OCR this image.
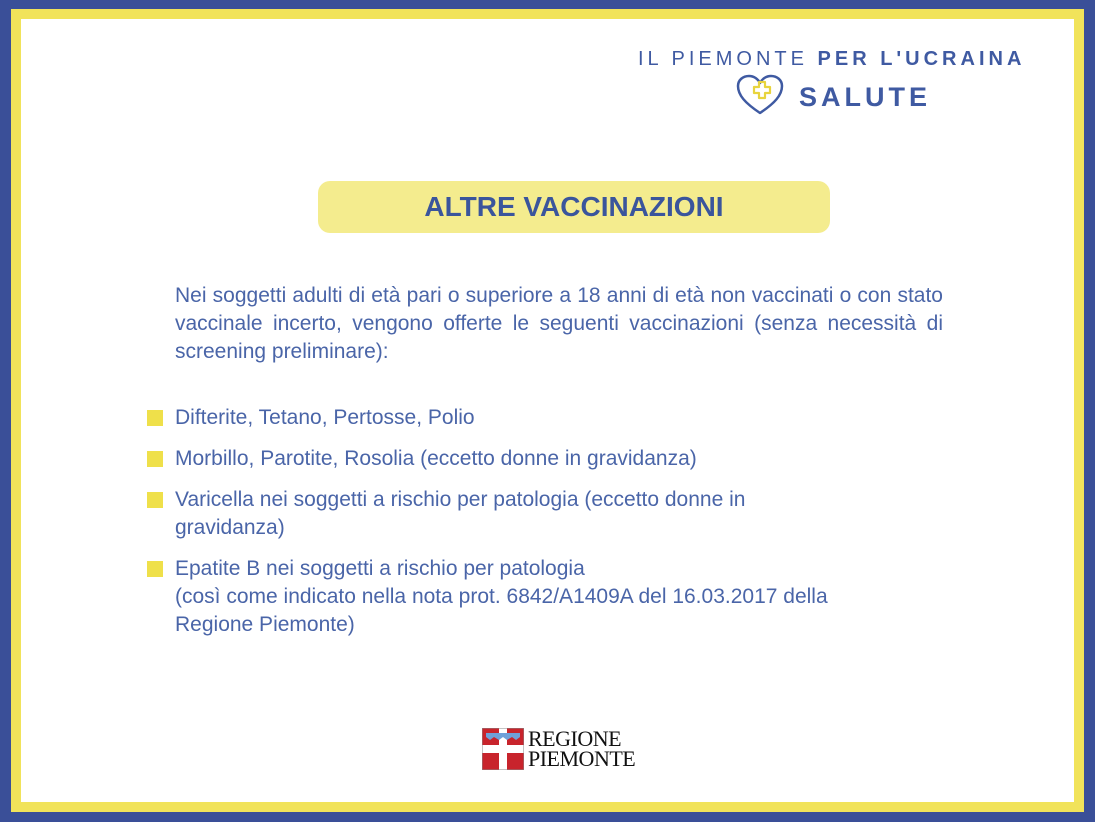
IL PIEMONTE PER L'UCRAINA
SALUTE
ALTRE VACCINAZIONI
Nei soggetti adulti di età pari o superiore a 18 anni di età non vaccinati o con stato vaccinale incerto, vengono offerte le seguenti vaccinazioni (senza necessità di screening preliminare):
Difterite, Tetano, Pertosse, Polio
Morbillo, Parotite, Rosolia (eccetto donne in gravidanza)
Varicella nei soggetti a rischio per patologia (eccetto donne in
gravidanza)
Epatite B nei soggetti a rischio per patologia
(così come indicato nella nota prot. 6842/A1409A del 16.03.2017 della
Regione Piemonte)
REGIONE
PIEMONTE
